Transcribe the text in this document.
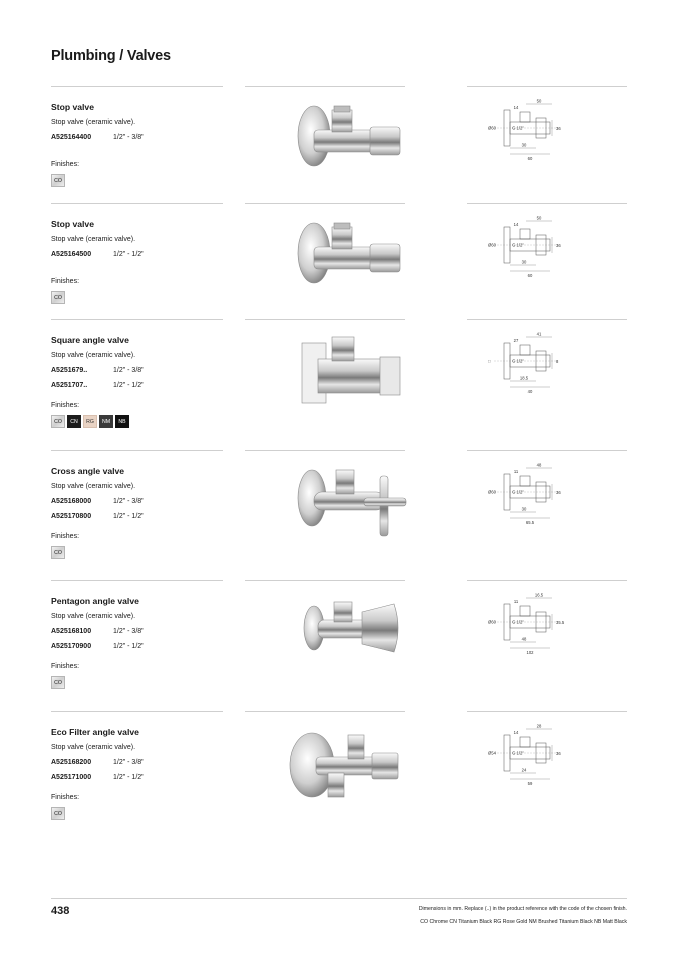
Plumbing / Valves
Stop valve
Stop valve (ceramic valve).
A525164400	1/2" - 3/8"
Finishes:
CO
50
14
36
30
60
Ø60	G 1/2"
Stop valve
Stop valve (ceramic valve).
A525164500	1/2" - 1/2"
Finishes:
CO
50
14
36
30
60
Ø60	G 1/2"
Square angle valve
Stop valve (ceramic valve).
A5251679..	1/2" - 3/8"
A5251707..	1/2" - 1/2"
Finishes:
CO	CN	RG	NM	NB
41
27
8
18.5
40
□	G 1/2"
Cross angle valve
Stop valve (ceramic valve).
A525168000	1/2" - 3/8"
A525170800	1/2" - 1/2"
Finishes:
CO
48
11
36
30
65.5
Ø60	G 1/2"
Pentagon angle valve
Stop valve (ceramic valve).
A525168100	1/2" - 3/8"
A525170900	1/2" - 1/2"
Finishes:
CO
16.5
11
35.5
48
102
Ø60	G 1/2"
Eco Filter angle valve
Stop valve (ceramic valve).
A525168200	1/2" - 3/8"
A525171000	1/2" - 1/2"
Finishes:
CO
28
14
36
24
59
Ø54	G 1/2"
438	Dimensions in mm. Replace (..) in the product reference with the code of the chosen finish.
CO Chrome CN Titanium Black RG Rose Gold NM Brushed Titanium Black NB Matt Black
